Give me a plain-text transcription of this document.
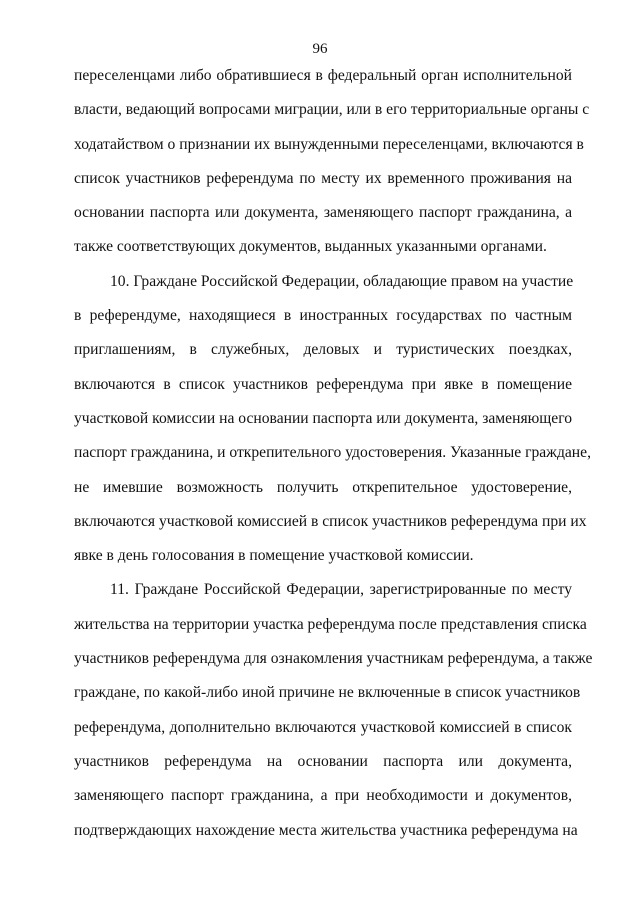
96
переселенцами либо обратившиеся в федеральный орган исполнительной
власти, ведающий вопросами миграции, или в его территориальные органы с
ходатайством о признании их вынужденными переселенцами, включаются в
список участников референдума по месту их временного проживания на
основании паспорта или документа, заменяющего паспорт гражданина, а
также соответствующих документов, выданных указанными органами.
10. Граждане Российской Федерации, обладающие правом на участие
в референдуме, находящиеся в иностранных государствах по частным
приглашениям, в служебных, деловых и туристических поездках,
включаются в список участников референдума при явке в помещение
участковой комиссии на основании паспорта или документа, заменяющего
паспорт гражданина, и открепительного удостоверения. Указанные граждане,
не имевшие возможность получить открепительное удостоверение,
включаются участковой комиссией в список участников референдума при их
явке в день голосования в помещение участковой комиссии.
11. Граждане Российской Федерации, зарегистрированные по месту
жительства на территории участка референдума после представления списка
участников референдума для ознакомления участникам референдума, а также
граждане, по какой-либо иной причине не включенные в список участников
референдума, дополнительно включаются участковой комиссией в список
участников референдума на основании паспорта или документа,
заменяющего паспорт гражданина, а при необходимости и документов,
подтверждающих нахождение места жительства участника референдума на
